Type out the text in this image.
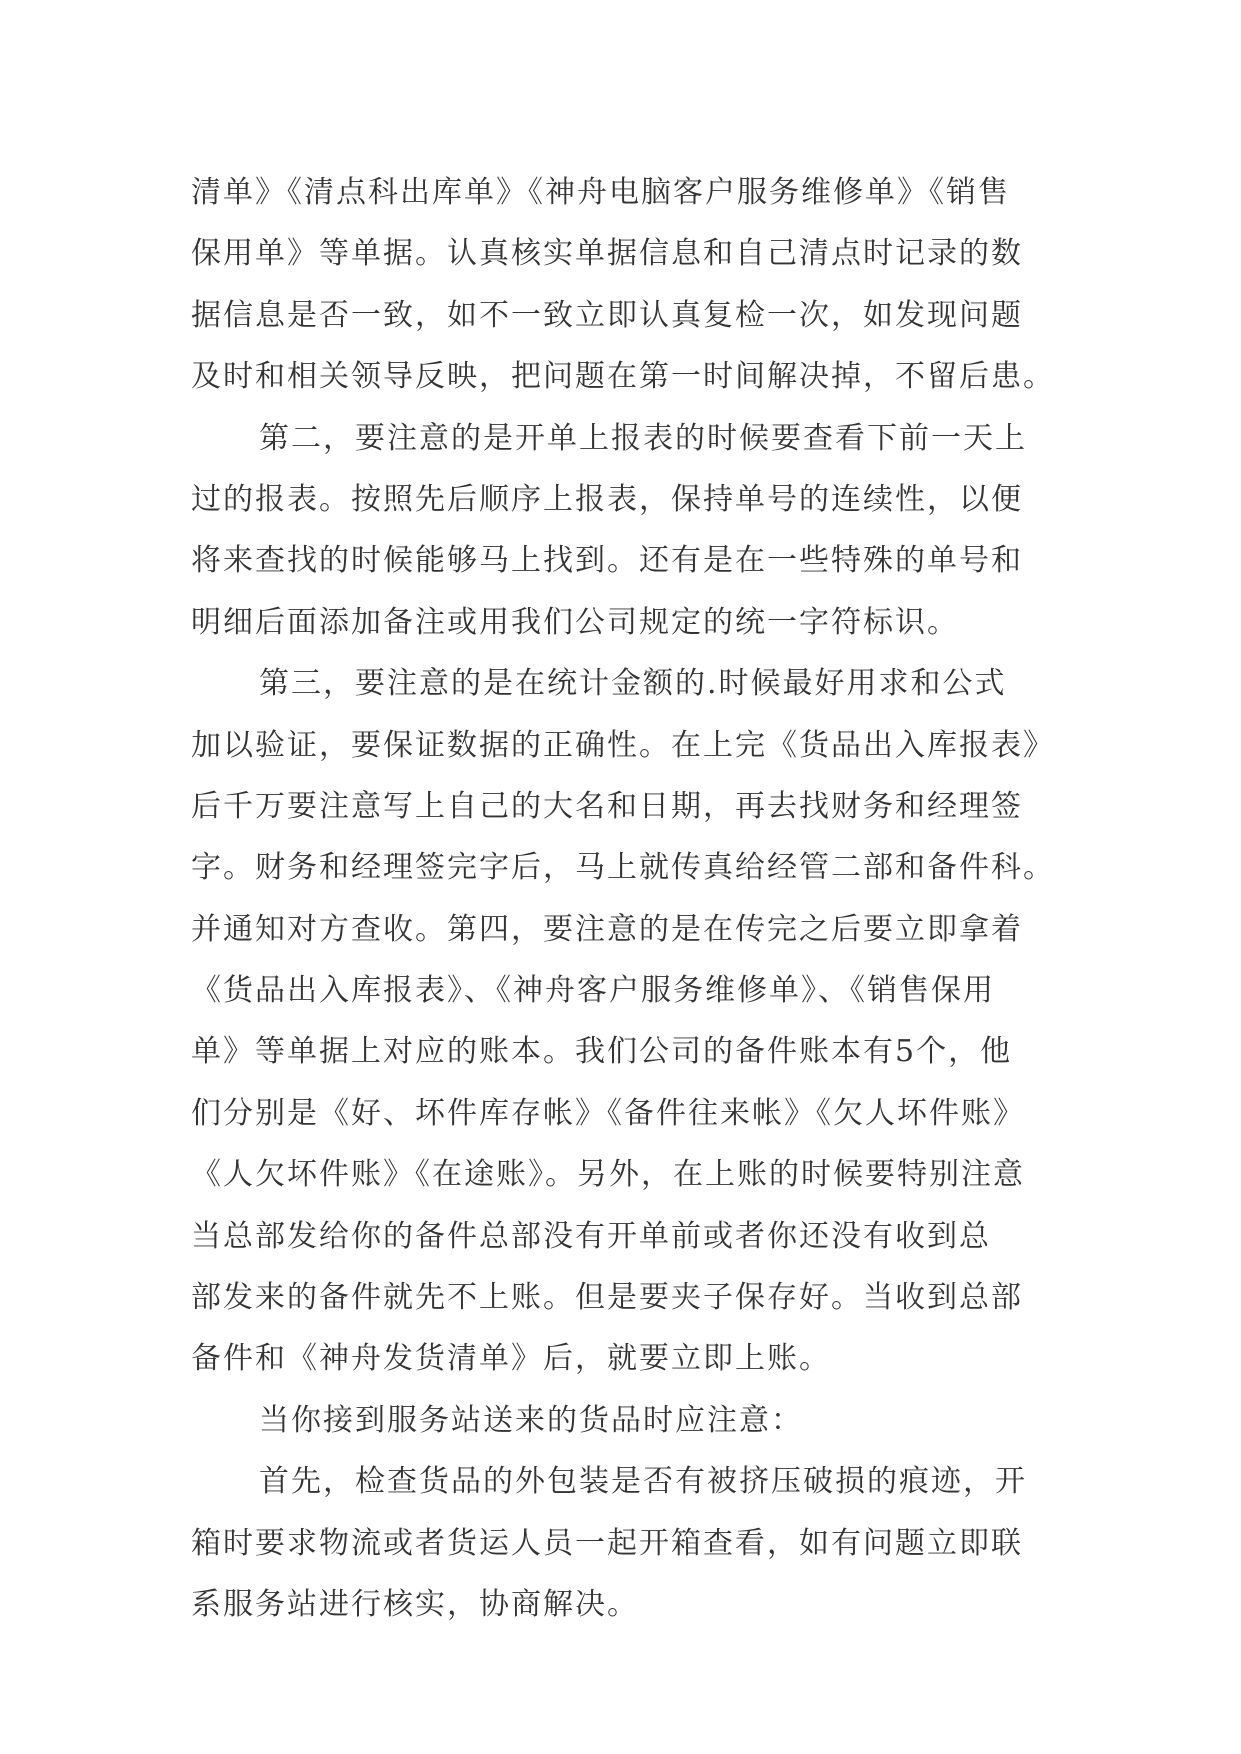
清单》《清点科出库单》《神舟电脑客户服务维修单》《销售
保用单》等单据。认真核实单据信息和自己清点时记录的数
据信息是否一致，如不一致立即认真复检一次，如发现问题
及时和相关领导反映，把问题在第一时间解决掉，不留后患。
第二，要注意的是开单上报表的时候要查看下前一天上
过的报表。按照先后顺序上报表，保持单号的连续性，以便
将来查找的时候能够马上找到。还有是在一些特殊的单号和
明细后面添加备注或用我们公司规定的统一字符标识。
第三，要注意的是在统计金额的.时候最好用求和公式
加以验证，要保证数据的正确性。在上完《货品出入库报表》
后千万要注意写上自己的大名和日期，再去找财务和经理签
字。财务和经理签完字后，马上就传真给经管二部和备件科。
并通知对方查收。第四，要注意的是在传完之后要立即拿着
《货品出入库报表》、《神舟客户服务维修单》、《销售保用
单》等单据上对应的账本。我们公司的备件账本有5个，他
们分别是《好、坏件库存帐》《备件往来帐》《欠人坏件账》
《人欠坏件账》《在途账》。另外，在上账的时候要特别注意
当总部发给你的备件总部没有开单前或者你还没有收到总
部发来的备件就先不上账。但是要夹子保存好。当收到总部
备件和《神舟发货清单》后，就要立即上账。
当你接到服务站送来的货品时应注意：
首先，检查货品的外包装是否有被挤压破损的痕迹，开
箱时要求物流或者货运人员一起开箱查看，如有问题立即联
系服务站进行核实，协商解决。
